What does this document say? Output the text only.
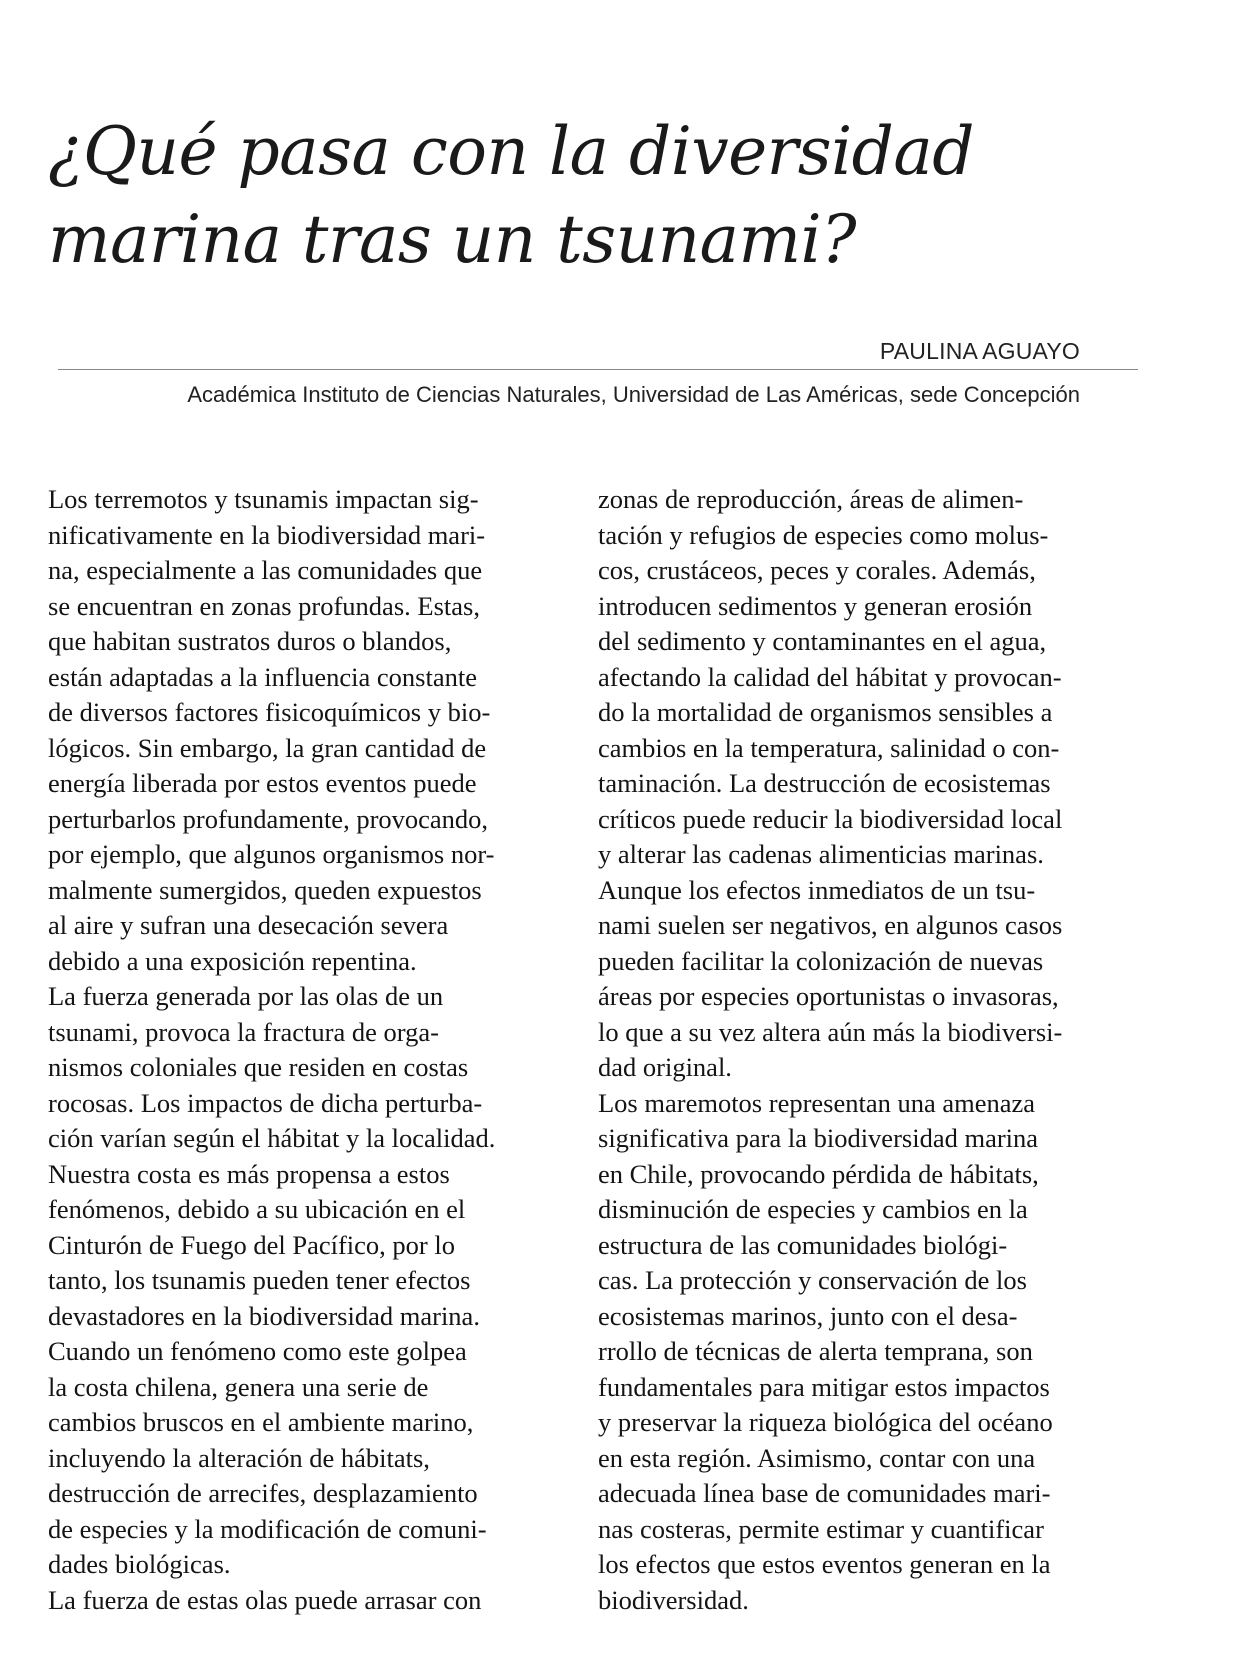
¿Qué pasa con la diversidad
marina tras un tsunami?
PAULINA AGUAYO
Académica Instituto de Ciencias Naturales, Universidad de Las Américas, sede Concepción
Los terremotos y tsunamis impactan sig-
nificativamente en la biodiversidad mari-
na, especialmente a las comunidades que
se encuentran en zonas profundas. Estas,
que habitan sustratos duros o blandos,
están adaptadas a la influencia constante
de diversos factores fisicoquímicos y bio-
lógicos. Sin embargo, la gran cantidad de
energía liberada por estos eventos puede
perturbarlos profundamente, provocando,
por ejemplo, que algunos organismos nor-
malmente sumergidos, queden expuestos
al aire y sufran una desecación severa
debido a una exposición repentina.
La fuerza generada por las olas de un
tsunami, provoca la fractura de orga-
nismos coloniales que residen en costas
rocosas. Los impactos de dicha perturba-
ción varían según el hábitat y la localidad.
Nuestra costa es más propensa a estos
fenómenos, debido a su ubicación en el
Cinturón de Fuego del Pacífico, por lo
tanto, los tsunamis pueden tener efectos
devastadores en la biodiversidad marina.
Cuando un fenómeno como este golpea
la costa chilena, genera una serie de
cambios bruscos en el ambiente marino,
incluyendo la alteración de hábitats,
destrucción de arrecifes, desplazamiento
de especies y la modificación de comuni-
dades biológicas.
La fuerza de estas olas puede arrasar con
zonas de reproducción, áreas de alimen-
tación y refugios de especies como molus-
cos, crustáceos, peces y corales. Además,
introducen sedimentos y generan erosión
del sedimento y contaminantes en el agua,
afectando la calidad del hábitat y provocan-
do la mortalidad de organismos sensibles a
cambios en la temperatura, salinidad o con-
taminación. La destrucción de ecosistemas
críticos puede reducir la biodiversidad local
y alterar las cadenas alimenticias marinas.
Aunque los efectos inmediatos de un tsu-
nami suelen ser negativos, en algunos casos
pueden facilitar la colonización de nuevas
áreas por especies oportunistas o invasoras,
lo que a su vez altera aún más la biodiversi-
dad original.
Los maremotos representan una amenaza
significativa para la biodiversidad marina
en Chile, provocando pérdida de hábitats,
disminución de especies y cambios en la
estructura de las comunidades biológi-
cas. La protección y conservación de los
ecosistemas marinos, junto con el desa-
rrollo de técnicas de alerta temprana, son
fundamentales para mitigar estos impactos
y preservar la riqueza biológica del océano
en esta región. Asimismo, contar con una
adecuada línea base de comunidades mari-
nas costeras, permite estimar y cuantificar
los efectos que estos eventos generan en la
biodiversidad.
